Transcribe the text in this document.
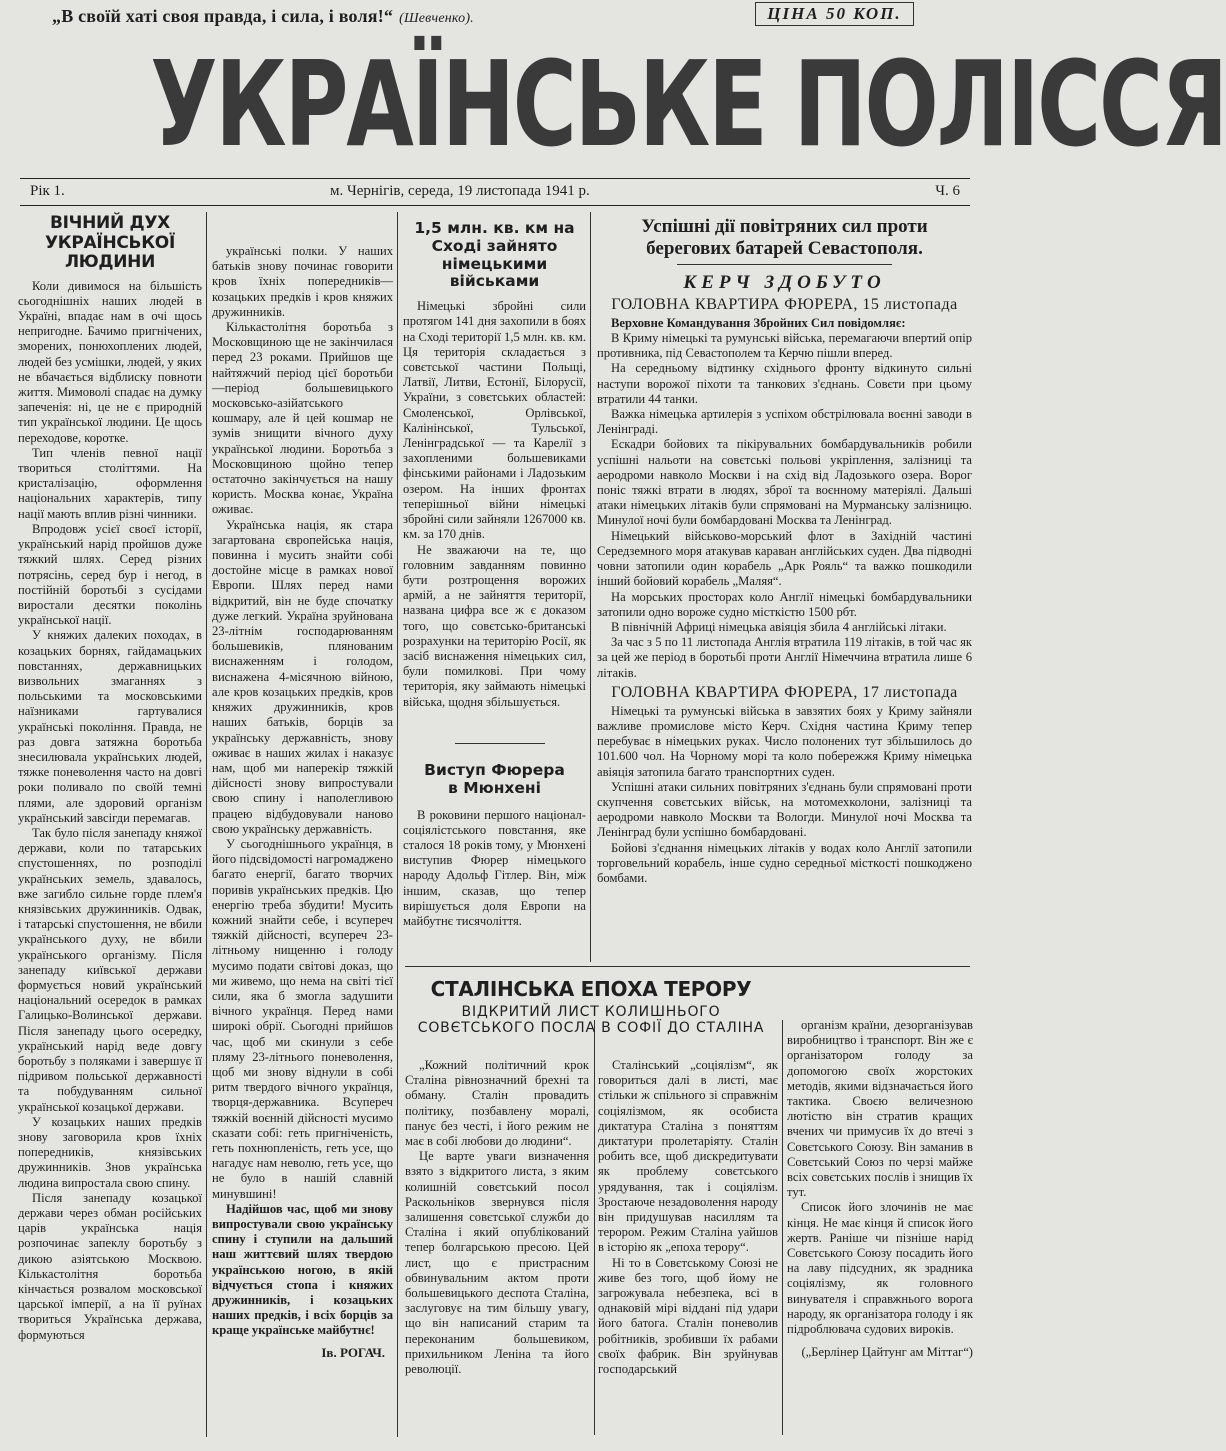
„В своїй хаті своя правда, і сила, і воля!“ (Шевченко).	ЦІНА 50 КОП.
УКРАЇНСЬКЕ ПОЛІССЯ
Рік 1.	м. Чернігів, середа, 19 листопада 1941 р.	Ч. 6
ВІЧНИЙ ДУХ УКРАЇНСЬКОЇ ЛЮДИНИ

Коли дивимося на більшість сьогоднішніх наших людей в Україні, впадає нам в очі щось непригодне. Бачимо пригнічених, зморених, понюхоплених людей, людей без усмішки, людей, у яких не вбачається відблиску повноти життя. Мимоволі спадає на думку запеченія: ні, це не є природній тип української людини. Це щось переходове, коротке.

Тип членів певної нації твориться століттями. На кристалізацію, оформлення національних характерів, типу нації мають вплив різні чинники.

Впродовж усієї своєї історії, український нарід пройшов дуже тяжкий шлях. Серед різних потрясінь, серед бур і негод, в постійній боротьбі з сусідами виростали десятки поколінь української нації.

У княжих далеких походах, в козацьких борнях, гайдамацьких повстаннях, державницьких визвольних змаганнях з польськими та московськими наїзниками гартувалися українські покоління. Правда, не раз довга затяжна боротьба знесилювала українських людей, тяжке поневолення часто на довгі роки поливало по своїй темні плями, але здоровий організм український завсігди перемагав.

Так було після занепаду княжої держави, коли по татарських спустошеннях, по розподілі українських земель, здавалось, вже загибло сильне горде плем'я князівських дружинників. Одвак, і татарські спустошення, не вбили українського духу, не вбили українського організму. Після занепаду київської держави формується новий український національний осередок в рамках Галицько-Волинської держави. Після занепаду цього осередку, український нарід веде довгу боротьбу з поляками і завершує її підривом польської державності та побудуванням сильної української козацької держави.

У козацьких наших предків знову заговорила кров їхніх попередників, князівських дружинників. Знов українська людина випростала свою спину.

Після занепаду козацької держави через обман російських царів українська нація розпочинає запеклу боротьбу з дикою азіятською Москвою. Кількастолітня боротьба кінчається розвалом московської царської імперії, а на її руїнах твориться Українська держава, формуються

українські полки. У наших батьків знову починає говорити кров їхніх попередників—козацьких предків і кров княжих дружинників.

Кількастолітня боротьба з Московщиною ще не закінчилася перед 23 роками. Прийшов ще найтяжчий період цієї боротьби—період большевицького московсько-азійатського кошмару, але й цей кошмар не зумів знищити вічного духу української людини. Боротьба з Московщиною щойно тепер остаточно закінчується на нашу користь. Москва конає, Україна оживає.

Українська нація, як стара загартована європейська нація, повинна і мусить знайти собі достойне місце в рамках нової Европи. Шлях перед нами відкритий, він не буде спочатку дуже легкий. Україна зруйнована 23-літнім господарюванням большевиків, плянованим виснаженням і голодом, виснажена 4-місячною війною, але кров козацьких предків, кров княжих дружинників, кров наших батьків, борців за українську державність, знову оживає в наших жилах і наказує нам, щоб ми наперекір тяжкій дійсності знову випростували свою спину і наполегливою працею відбудовували наново свою українську державність.

У сьогоднішнього українця, в його підсвідомості нагромаджено багато енергії, багато творчих поривів українських предків. Цю енергію треба збудити! Мусить кожний знайти себе, і всупереч тяжкій дійсності, всупереч 23-літньому нищенню і голоду мусимо подати світові доказ, що ми живемо, що нема на світі тієї сили, яка б змогла задушити вічного українця. Перед нами широкі обрії. Сьогодні прийшов час, щоб ми скинули з себе пляму 23-літнього поневолення, щоб ми знову віднули в собі ритм твердого вічного українця, творця-державника. Всупереч тяжкій воєнній дійсності мусимо сказати собі: геть пригніченість, геть похнюпленість, геть усе, що нагадує нам неволю, геть усе, що не було в нашій славній минувшині!

Надійшов час, щоб ми знову випростували свою українську спину і ступили на дальший наш життєвий шлях твердою українською ногою, в якій відчується стопа і княжих дружинників, і козацьких наших предків, і всіх борців за краще українське майбутнє!

Ів. РОГАЧ.
1,5 млн. кв. км на Сході зайнято німецькими військами

Німецькі збройні сили протягом 141 дня захопили в боях на Сході території 1,5 млн. кв. км. Ця територія складається з совєтської частини Польщі, Латвії, Литви, Естонії, Білорусії, України, з совєтських областей: Смоленської, Орлівської, Калінінської, Тульської, Ленінградської — та Карелії з захопленими большевиками фінськими районами і Ладозьким озером. На інших фронтах теперішньої війни німецькі збройні сили зайняли 1267000 кв. км. за 170 днів.

Не зважаючи на те, що головним завданням повинно бути розтрощення ворожих армій, а не зайняття території, названа цифра все ж є доказом того, що совєтсько-британські розрахунки на територію Росії, як засіб виснаження німецьких сил, були помилкові. При чому територія, яку займають німецькі війська, щодня збільшується.

Виступ Фюрера в Мюнхені

В роковини першого націонал-соціялістського повстання, яке сталося 18 років тому, у Мюнхені виступив Фюрер німецького народу Адольф Гітлер. Він, між іншим, сказав, що тепер вирішується доля Европи на майбутнє тисячоліття.

Успішні дії повітряних сил проти берегових батарей Севастополя.
КЕРЧ ЗДОБУТО
ГОЛОВНА КВАРТИРА ФЮРЕРА, 15 листопада

Верховне Командування Збройних Сил повідомляє:

В Криму німецькі та румунські війська, перемагаючи впертий опір противника, під Севастополем та Керчю пішли вперед.

На середньому відтинку східнього фронту відкинуто сильні наступи ворожої піхоти та танкових з'єднань. Совєти при цьому втратили 44 танки.

Важка німецька артилерія з успіхом обстрілювала воєнні заводи в Ленінграді.

Ескадри бойових та пікірувальних бомбардувальників робили успішні нальоти на совєтські польові укріплення, залізниці та аеродроми навколо Москви і на схід від Ладозького озера. Ворог поніс тяжкі втрати в людях, зброї та воєнному матеріялі. Дальші атаки німецьких літаків були спрямовані на Мурманську залізницю. Минулої ночі були бомбардовані Москва та Ленінград.

Німецький військово-морський флот в Західній частині Середземного моря атакував караван англійських суден. Два підводні човни затопили один корабель „Арк Рояль“ та важко пошкодили інший бойовий корабель „Маляя“.

На морських просторах коло Англії німецькі бомбардувальники затопили одно вороже судно місткістю 1500 рбт.

В північній Африці німецька авіяція збила 4 англійські літаки.

За час з 5 по 11 листопада Англія втратила 119 літаків, в той час як за цей же період в боротьбі проти Англії Німеччина втратила лише 6 літаків.

ГОЛОВНА КВАРТИРА ФЮРЕРА, 17 листопада

Німецькі та румунські війська в завзятих боях у Криму зайняли важливе промислове місто Керч. Східня частина Криму тепер перебуває в німецьких руках. Число полонених тут збільшилось до 101.600 чол. На Чорному морі та коло побережжя Криму німецька авіяція затопила багато транспортних суден.

Успішні атаки сильних повітряних з'єднань були спрямовані проти скупчення совєтських військ, на мотомехколони, залізниці та аеродроми навколо Москви та Вологди. Минулої ночі Москва та Ленінград були успішно бомбардовані.

Бойові з'єднання німецьких літаків у водах коло Англії затопили торговельний корабель, інше судно середньої місткості пошкоджено бомбами.

СТАЛІНСЬКА ЕПОХА ТЕРОРУ
ВІДКРИТИЙ ЛИСТ КОЛИШНЬОГО СОВЄТСЬКОГО ПОСЛА В СОФІЇ ДО СТАЛІНА

„Кожний політичний крок Сталіна рівнозначний брехні та обману. Сталін провадить політику, позбавлену моралі, панує без честі, і його режим не має в собі любови до людини“.

Це варте уваги визначення взято з відкритого листа, з яким колишній совєтський посол Раскольніков звернувся після залишення совєтської служби до Сталіна і який опублікований тепер болгарською пресою. Цей лист, що є пристрасним обвинувальним актом проти большевицького деспота Сталіна, заслуговує на тим більшу увагу, що він написаний старим та переконаним большевиком, прихильником Леніна та його революції.

Сталінський „соціялізм“, як говориться далі в листі, має стільки ж спільного зі справжнім соціялізмом, як особиста диктатура Сталіна з поняттям диктатури пролетаріяту. Сталін робить все, щоб дискредитувати як проблему совєтського урядування, так і соціялізм. Зростаюче незадоволення народу він придушував насиллям та терором. Режим Сталіна уайшов в історію як „епоха терору“.

Ні то в Совєтському Союзі не живе без того, щоб йому не загрожувала небезпека, всі в однаковій мірі віддані під удари його батога. Сталін поневолив робітників, зробивши їх рабами своїх фабрик. Він зруйнував господарський

організм країни, дезорганізував виробництво і транспорт. Він же є організатором голоду за допомогою своїх жорстоких методів, якими відзначається його тактика. Своєю величезною лютістю він стратив кращих вчених чи примусив їх до втечі з Совєтського Союзу. Він заманив в Совєтський Союз по черзі майже всіх совєтських послів і знищив їх тут.

Список його злочинів не має кінця. Не має кінця й список його жертв. Раніше чи пізніше нарід Совєтського Союзу посадить його на лаву підсудних, як зрадника соціялізму, як головного винувателя і справжнього ворога народу, як організатора голоду і як підроблювача судових вироків.

(„Берлінер Цайтунг ам Міттаг“)
